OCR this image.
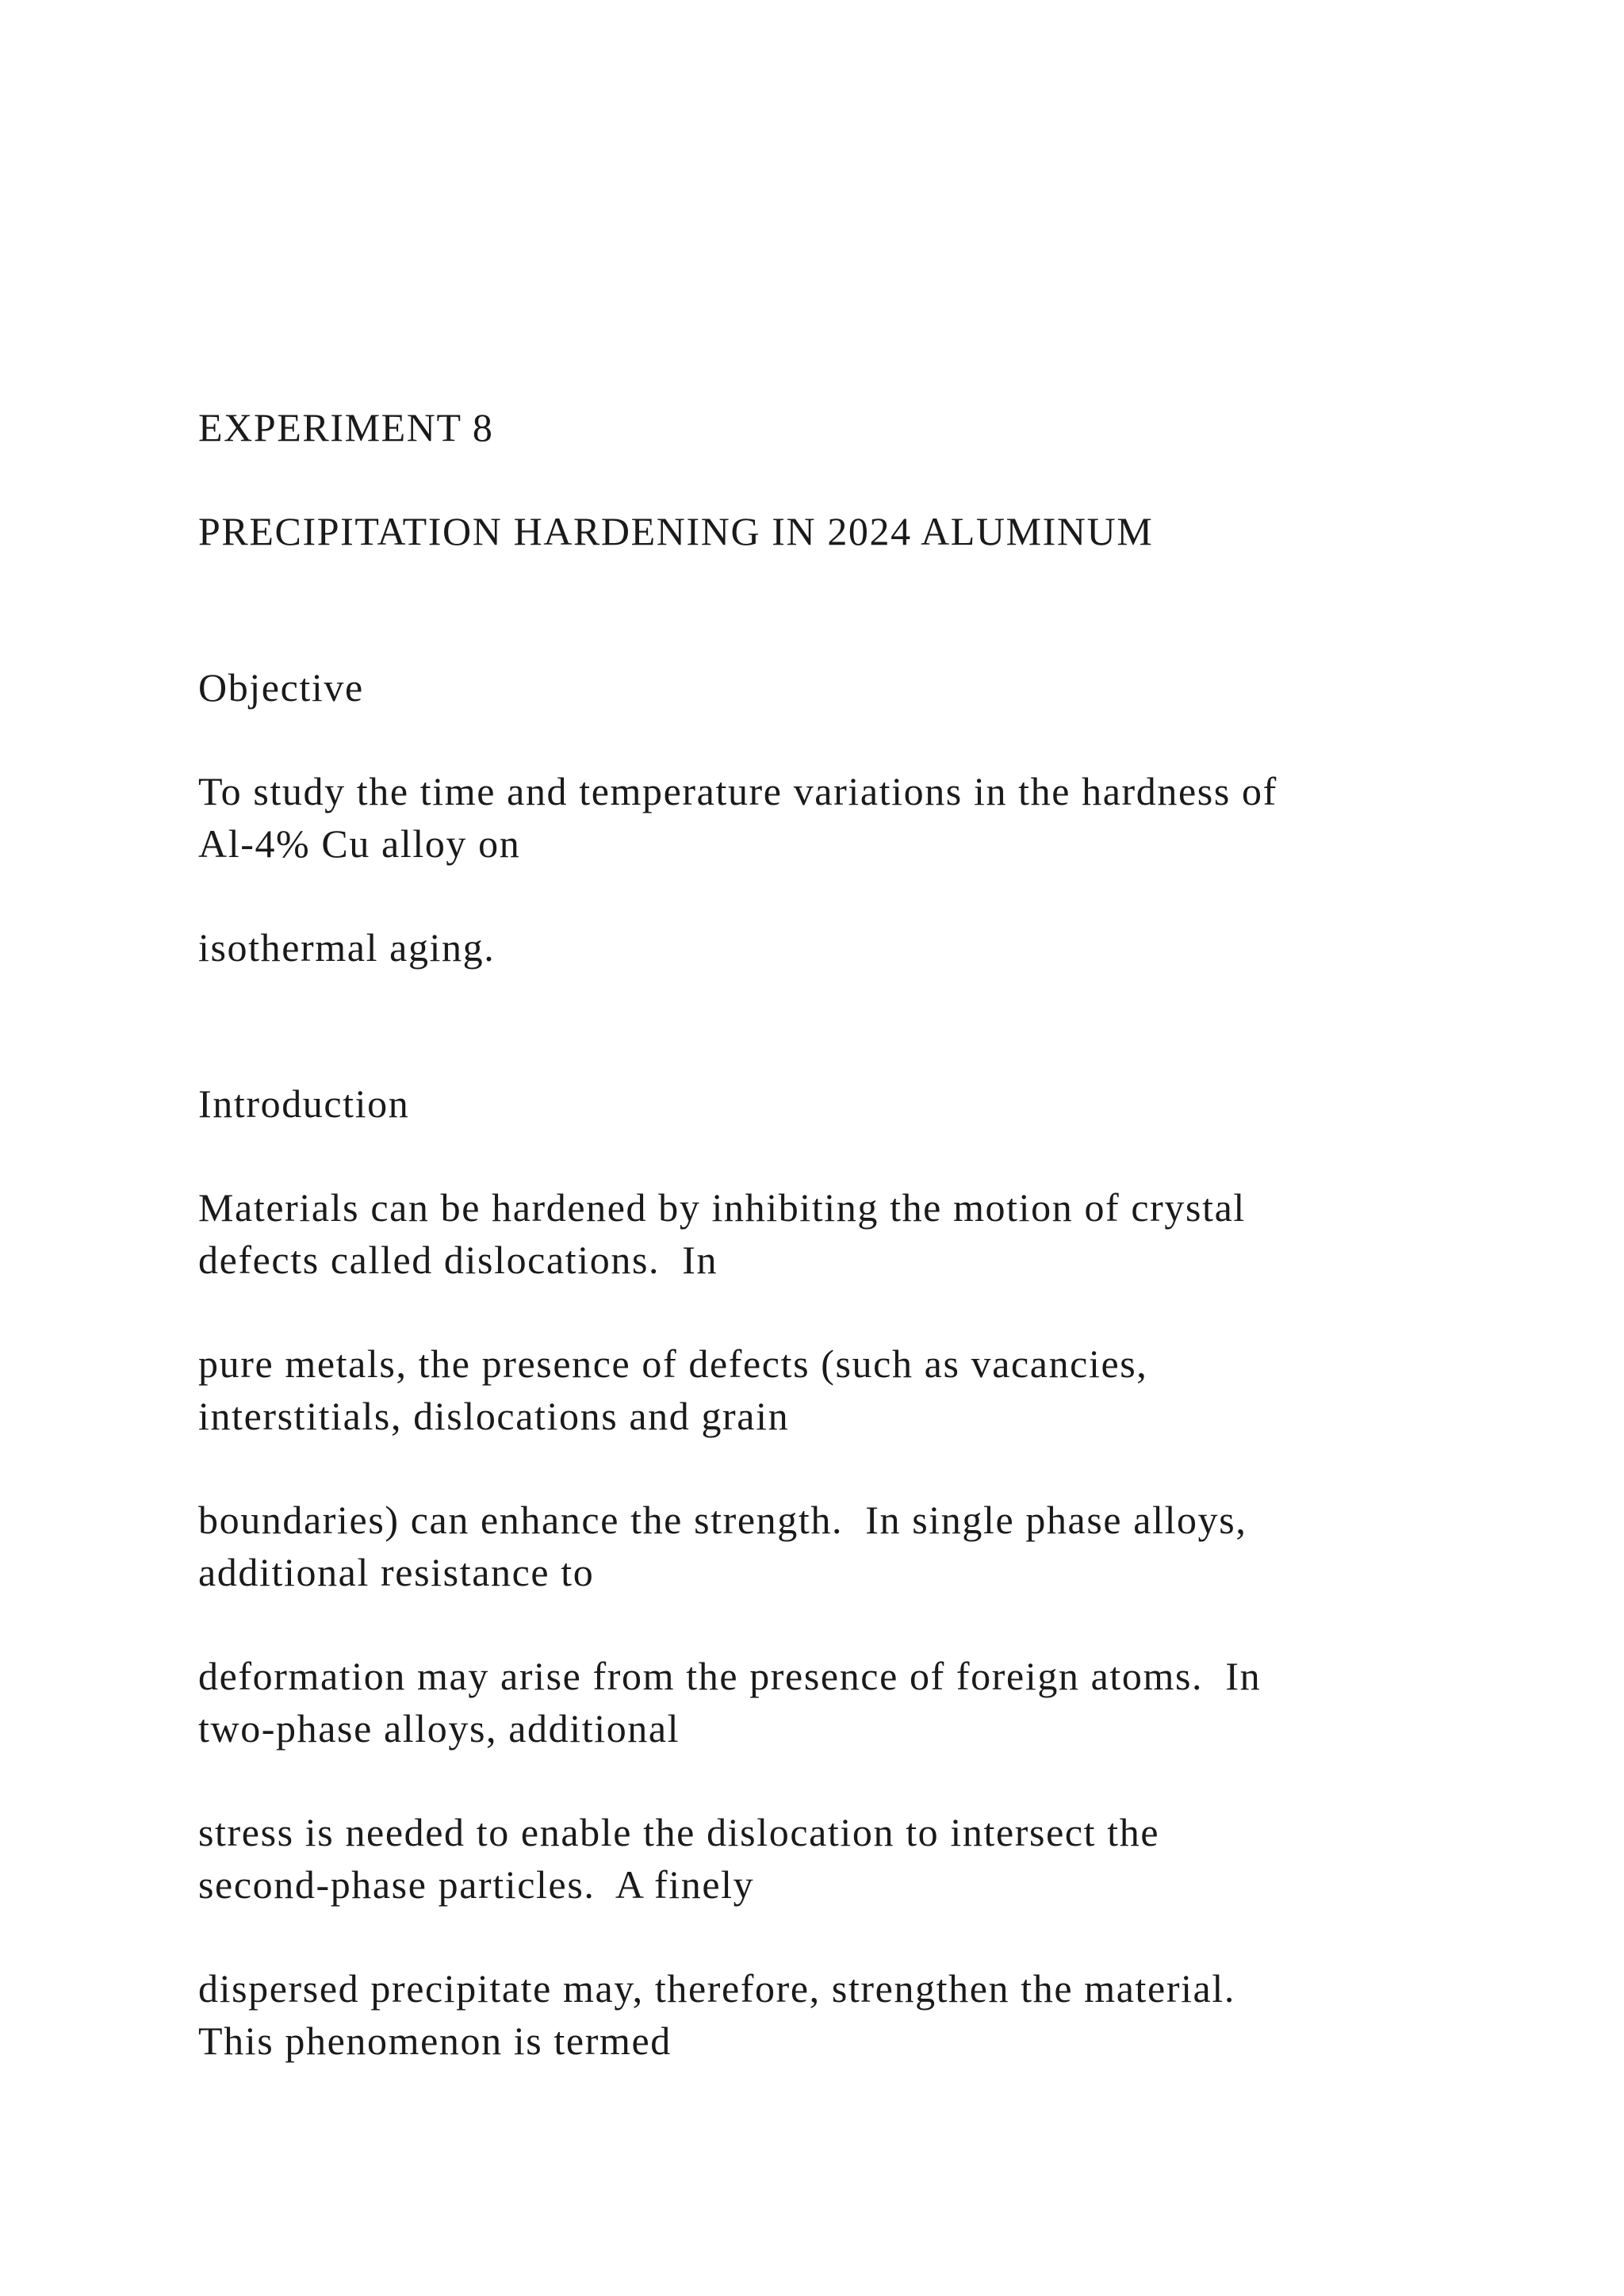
EXPERIMENT 8
PRECIPITATION HARDENING IN 2024 ALUMINUM
Objective
To study the time and temperature variations in the hardness of
Al-4% Cu alloy on
isothermal aging.
Introduction
Materials can be hardened by inhibiting the motion of crystal
defects called dislocations.  In
pure metals, the presence of defects (such as vacancies,
interstitials, dislocations and grain
boundaries) can enhance the strength.  In single phase alloys,
additional resistance to
deformation may arise from the presence of foreign atoms.  In
two-phase alloys, additional
stress is needed to enable the dislocation to intersect the
second-phase particles.  A finely
dispersed precipitate may, therefore, strengthen the material.
This phenomenon is termed
